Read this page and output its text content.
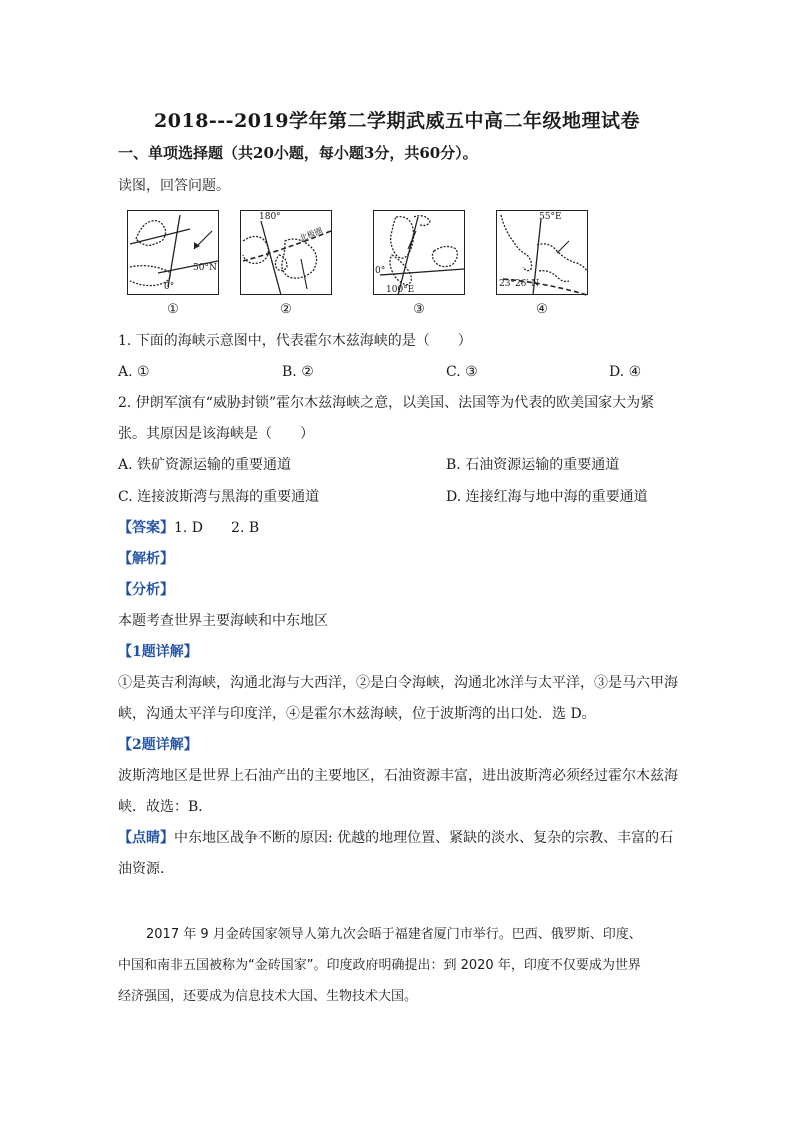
2018---2019学年第二学期武威五中高二年级地理试卷
一、单项选择题（共20小题，每小题3分，共60分）。
读图，回答问题。
50°N
0°
①
180°
北极圈
②
0°
100°E
③
55°E
23°26′ N
④
1. 下面的海峡示意图中，代表霍尔木兹海峡的是（　　）
A. ①	B. ②	C. ③	D. ④
2. 伊朗军演有“威胁封锁”霍尔木兹海峡之意，以美国、法国等为代表的欧美国家大为紧
张。其原因是该海峡是（　　）
A. 铁矿资源运输的重要通道	B. 石油资源运输的重要通道
C. 连接波斯湾与黑海的重要通道	D. 连接红海与地中海的重要通道
【答案】1. D　　2. B
【解析】
【分析】
本题考查世界主要海峡和中东地区
【1题详解】
①是英吉利海峡，沟通北海与大西洋，②是白令海峡，沟通北冰洋与太平洋，③是马六甲海
峡，沟通太平洋与印度洋，④是霍尔木兹海峡，位于波斯湾的出口处．选 D。
【2题详解】
波斯湾地区是世界上石油产出的主要地区，石油资源丰富，进出波斯湾必须经过霍尔木兹海
峡．故选：B．
【点睛】中东地区战争不断的原因: 优越的地理位置、紧缺的淡水、复杂的宗教、丰富的石
油资源．
2017 年 9 月金砖国家领导人第九次会晤于福建省厦门市举行。巴西、俄罗斯、印度、
中国和南非五国被称为“金砖国家”。印度政府明确提出：到 2020 年，印度不仅要成为世界
经济强国，还要成为信息技术大国、生物技术大国。
